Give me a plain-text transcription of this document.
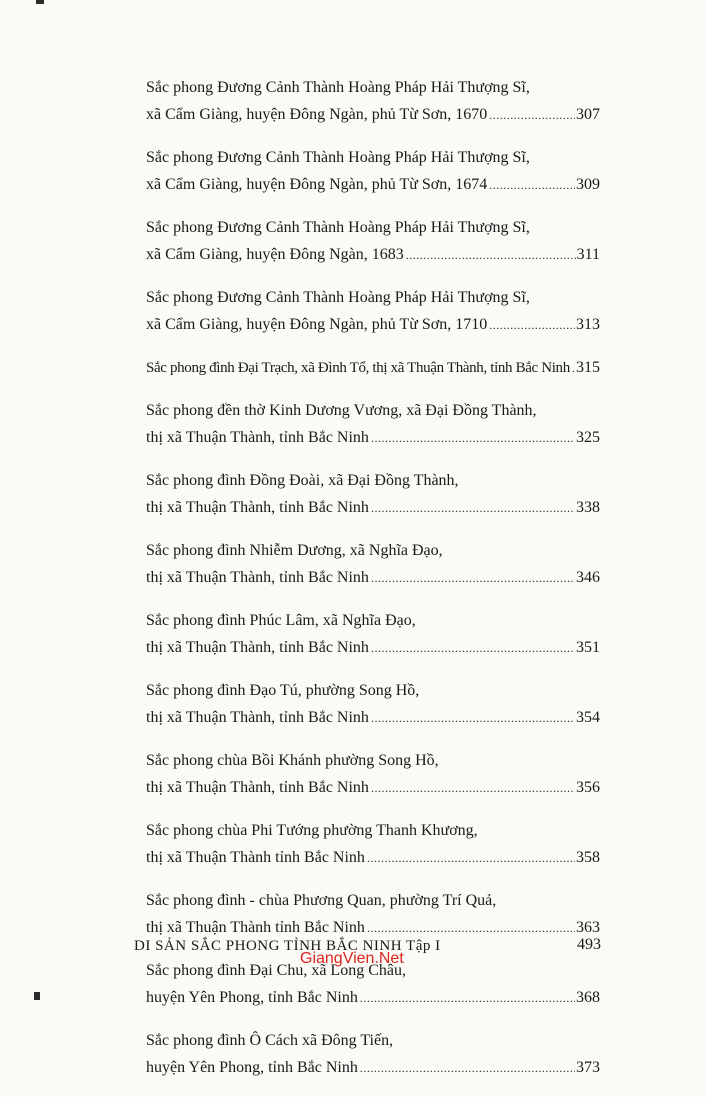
Sắc phong Đương Cảnh Thành Hoàng Pháp Hải Thượng Sĩ,
xã Cẩm Giàng, huyện Đông Ngàn, phủ Từ Sơn, 1670 .....	307
Sắc phong Đương Cảnh Thành Hoàng Pháp Hải Thượng Sĩ,
xã Cẩm Giàng, huyện Đông Ngàn, phủ Từ Sơn, 1674 .....	309
Sắc phong Đương Cảnh Thành Hoàng Pháp Hải Thượng Sĩ,
xã Cẩm Giàng, huyện Đông Ngàn, 1683 .....	311
Sắc phong Đương Cảnh Thành Hoàng Pháp Hải Thượng Sĩ,
xã Cẩm Giàng, huyện Đông Ngàn, phủ Từ Sơn, 1710 .....	313
Sắc phong đình Đại Trạch, xã Đình Tổ, thị xã Thuận Thành, tỉnh Bắc Ninh ..... 315
Sắc phong đền thờ Kinh Dương Vương, xã Đại Đồng Thành,
thị xã Thuận Thành, tỉnh Bắc Ninh .....	325
Sắc phong đình Đồng Đoài, xã Đại Đồng Thành,
thị xã Thuận Thành, tỉnh Bắc Ninh .....	338
Sắc phong đình Nhiễm Dương, xã Nghĩa Đạo,
thị xã Thuận Thành, tỉnh Bắc Ninh .....	346
Sắc phong đình Phúc Lâm, xã Nghĩa Đạo,
thị xã Thuận Thành, tỉnh Bắc Ninh .....	351
Sắc phong đình Đạo Tú, phường Song Hồ,
thị xã Thuận Thành, tỉnh Bắc Ninh .....	354
Sắc phong chùa Bồi Khánh phường Song Hồ,
thị xã Thuận Thành, tỉnh Bắc Ninh .....	356
Sắc phong chùa Phi Tướng phường Thanh Khương,
thị xã Thuận Thành tỉnh Bắc Ninh .....	358
Sắc phong đình - chùa Phương Quan, phường Trí Quả,
thị xã Thuận Thành tỉnh Bắc Ninh .....	363
Sắc phong đình Đại Chu, xã Long Châu,
huyện Yên Phong, tỉnh Bắc Ninh .....	368
Sắc phong đình Ô Cách xã Đông Tiến,
huyện Yên Phong, tỉnh Bắc Ninh .....	373
DI SẢN SẮC PHONG TỈNH BẮC NINH Tập I	493
GiangVien.Net
